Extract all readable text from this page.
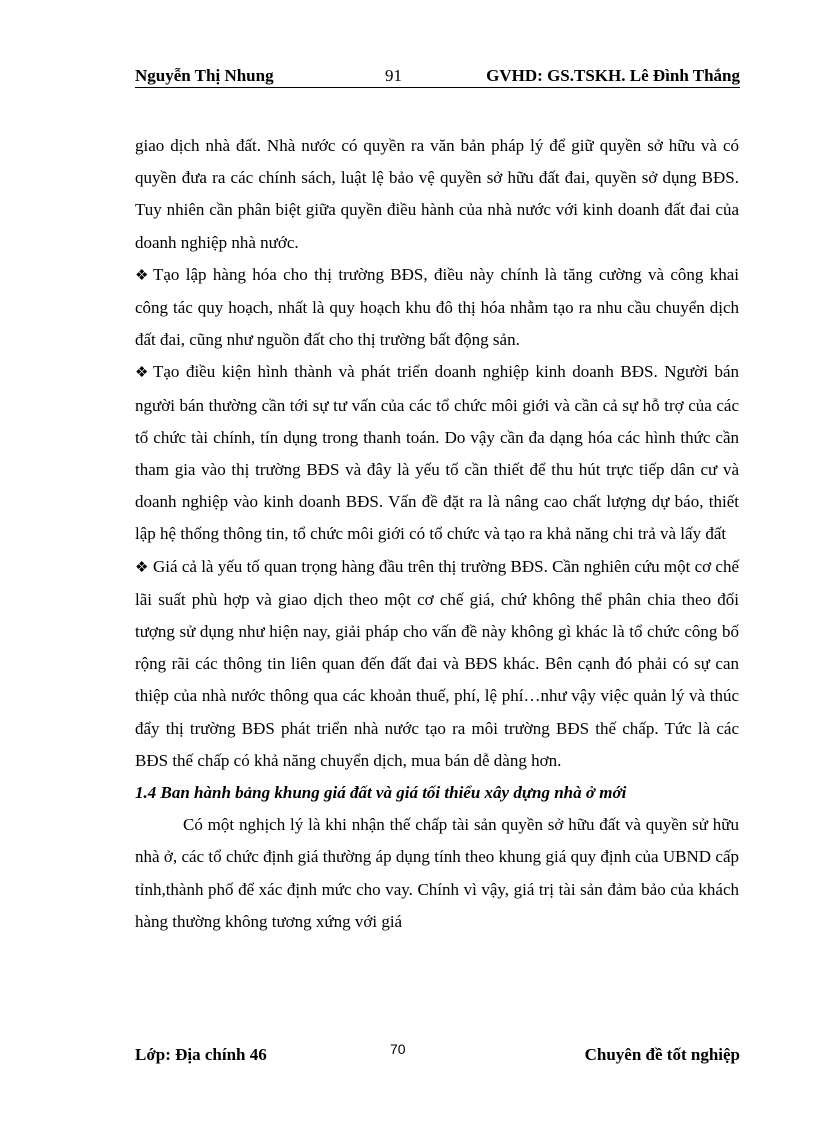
Nguyễn Thị Nhung	91	GVHD: GS.TSKH. Lê Đình Thắng

giao dịch nhà đất. Nhà nước có quyền ra văn bản pháp lý để giữ quyền sở hữu và có quyền đưa ra các chính sách, luật lệ bảo vệ quyền sở hữu đất đai, quyền sở dụng BĐS. Tuy nhiên cần phân biệt giữa quyền điều hành của nhà nước với kinh doanh đất đai của doanh nghiệp nhà nước.

❖ Tạo lập hàng hóa cho thị trường BĐS, điều này chính là tăng cường và công khai công tác quy hoạch, nhất là quy hoạch khu đô thị hóa nhằm tạo ra nhu cầu chuyển dịch đất đai, cũng như nguồn đất cho thị trường bất động sản.

❖ Tạo điều kiện hình thành và phát triển doanh nghiệp kinh doanh BĐS. Người bán người bán thường cần tới sự tư vấn của các tổ chức môi giới và cần cả sự hỗ trợ của các tổ chức tài chính, tín dụng trong thanh toán. Do vậy cần đa dạng hóa các hình thức cần tham gia vào thị trường BĐS và đây là yếu tố cần thiết để thu hút trực tiếp dân cư và doanh nghiệp vào kinh doanh BĐS. Vấn đề đặt ra là nâng cao chất lượng dự báo, thiết lập hệ thống thông tin, tổ chức môi giới có tổ chức và tạo ra khả năng chi trả và lấy đất

❖ Giá cả là yếu tố quan trọng hàng đầu trên thị trường BĐS. Cần nghiên cứu một cơ chế lãi suất phù hợp và giao dịch theo một cơ chế giá, chứ không thể phân chia theo đối tượng sử dụng như hiện nay, giải pháp cho vấn đề này không gì khác là tổ chức công bố rộng rãi các thông tin liên quan đến đất đai và BĐS khác. Bên cạnh đó phải có sự can thiệp của nhà nước thông qua các khoản thuế, phí, lệ phí…như vậy việc quản lý và thúc đẩy thị trường BĐS phát triển nhà nước tạo ra môi trường BĐS thế chấp. Tức là các BĐS thế chấp có khả năng chuyển dịch, mua bán dễ dàng hơn.

1.4 Ban hành bảng khung giá đất và giá tối thiểu xây dựng nhà ở mới

Có một nghịch lý là khi nhận thế chấp tài sản quyền sở hữu đất và quyền sử hữu nhà ở, các tổ chức định giá thường áp dụng tính theo khung giá quy định của UBND cấp tỉnh,thành phố để xác định mức cho vay. Chính vì vậy, giá trị tài sản đảm bảo của khách hàng thường không tương xứng với giá

Lớp: Địa chính 46	70	Chuyên đề tốt nghiệp
